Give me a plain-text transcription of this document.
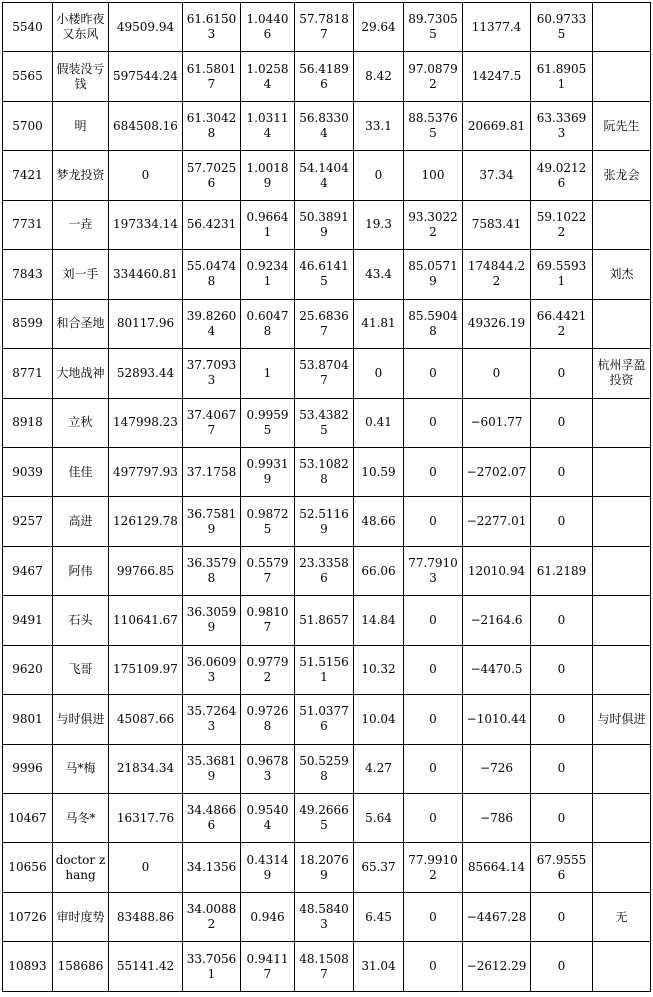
5540	小楼昨夜又东风	49509.94	61.61503	1.04406	57.78187	29.64	89.73055	11377.4	60.97335	
5565	假装没亏钱	597544.24	61.58017	1.02584	56.41896	8.42	97.08792	14247.5	61.89051	
5700	明	684508.16	61.30428	1.03114	56.83304	33.1	88.53765	20669.81	63.33693	阮先生
7421	梦龙投资	0	57.70256	1.00189	54.14044	0	100	37.34	49.02126	张龙会
7731	一垚	197334.14	56.4231	0.96641	50.38919	19.3	93.30222	7583.41	59.10222	
7843	刘一手	334460.81	55.04748	0.92341	46.61415	43.4	85.05719	174844.22	69.55931	刘杰
8599	和合圣地	80117.96	39.82604	0.60478	25.68367	41.81	85.59048	49326.19	66.44212	
8771	大地战神	52893.44	37.70933	1	53.87047	0	0	0	0	杭州孚盈投资
8918	立秋	147998.23	37.40677	0.99595	53.43825	0.41	0	−601.77	0	
9039	佳佳	497797.93	37.1758	0.99319	53.10828	10.59	0	−2702.07	0	
9257	高进	126129.78	36.75819	0.98725	52.51169	48.66	0	−2277.01	0	
9467	阿伟	99766.85	36.35798	0.55797	23.33586	66.06	77.79103	12010.94	61.2189	
9491	石头	110641.67	36.30599	0.98107	51.8657	14.84	0	−2164.6	0	
9620	飞哥	175109.97	36.06093	0.97792	51.51561	10.32	0	−4470.5	0	
9801	与时俱进	45087.66	35.72643	0.97268	51.03776	10.04	0	−1010.44	0	与时俱进
9996	马*梅	21834.34	35.36819	0.96783	50.52598	4.27	0	−726	0	
10467	马冬*	16317.76	34.48666	0.95404	49.26665	5.64	0	−786	0	
10656	doctor zhang	0	34.1356	0.43149	18.20769	65.37	77.99102	85664.14	67.95556	
10726	审时度势	83488.86	34.00882	0.946	48.58403	6.45	0	−4467.28	0	无
10893	158686	55141.42	33.70561	0.94117	48.15087	31.04	0	−2612.29	0	
